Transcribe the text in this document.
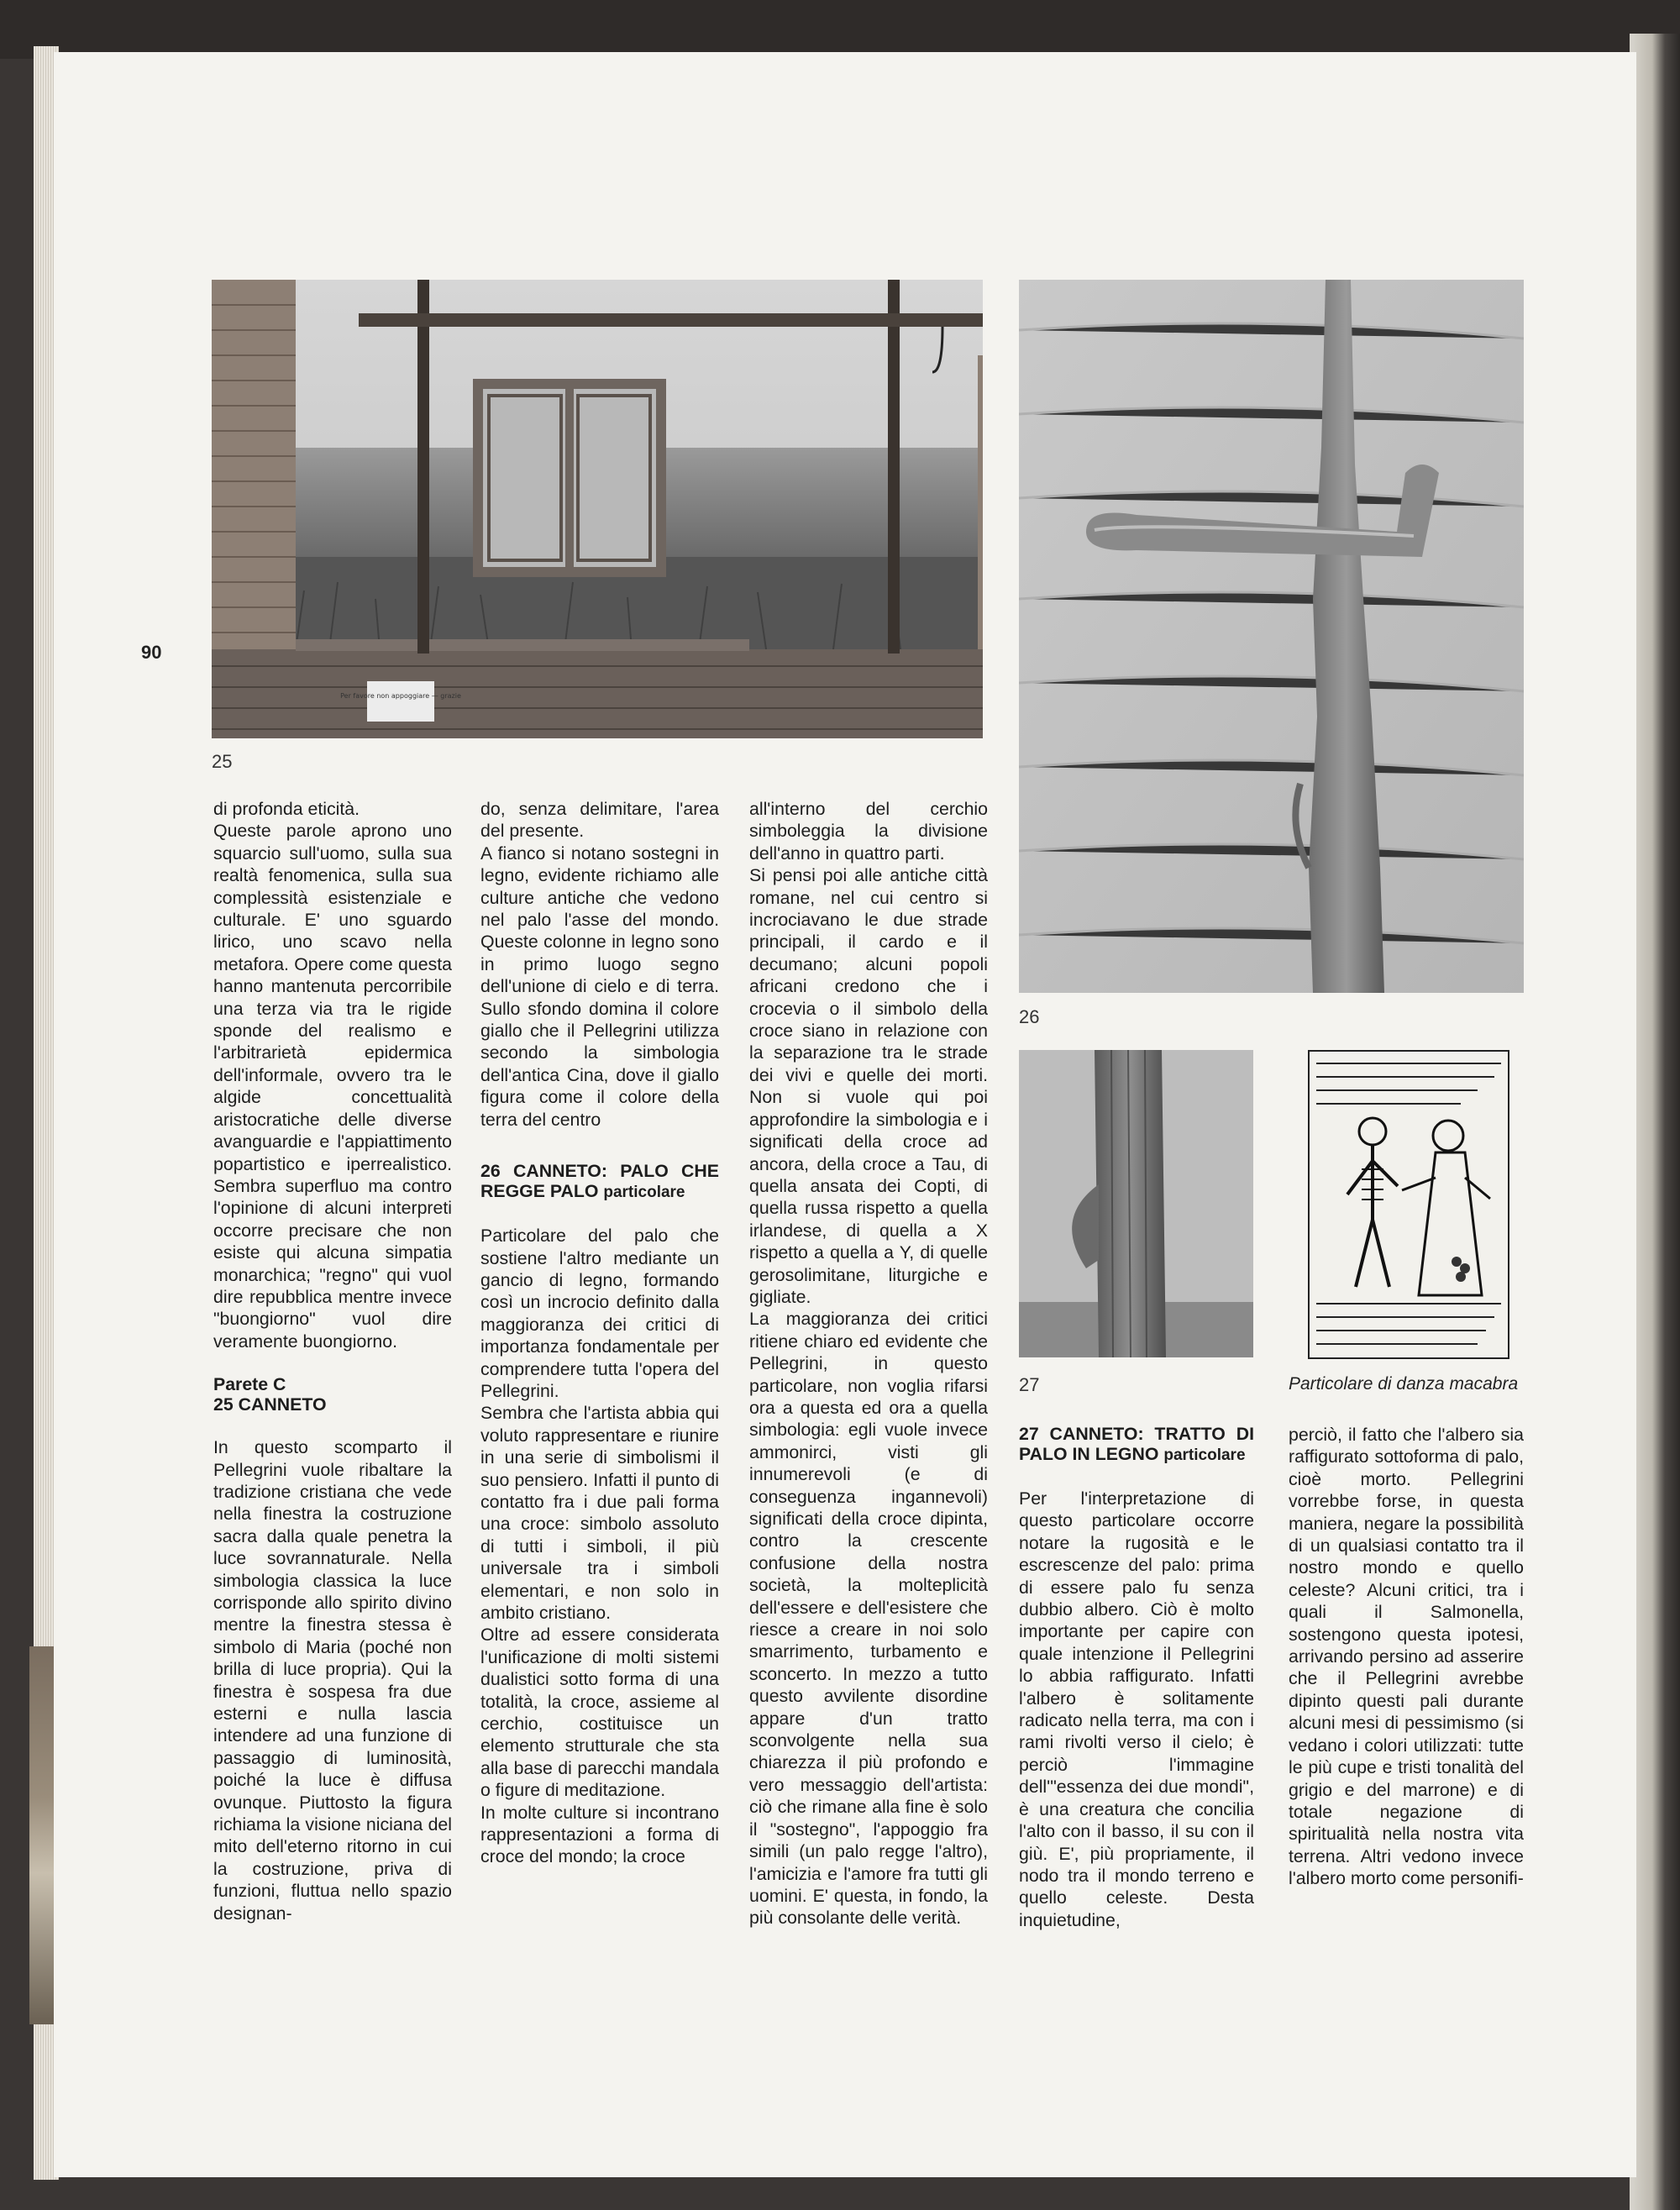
90
Per favore non appoggiare — grazie
25
26
27	Particolare di danza macabra

di profonda eticità.

Queste parole aprono uno squarcio sull'uomo, sulla sua realtà fenomenica, sulla sua complessità esistenziale e culturale. E' uno sguardo lirico, uno scavo nella metafora. Opere come questa hanno mantenuta percorribile una terza via tra le rigide sponde del realismo e l'arbitrarietà epidermica dell'informale, ovvero tra le algide concettualità aristocratiche delle diverse avanguardie e l'appiattimento popartistico e iperrealistico. Sembra superfluo ma contro l'opinione di alcuni interpreti occorre precisare che non esiste qui alcuna simpatia monarchica; "regno" qui vuol dire repubblica mentre invece "buongiorno" vuol dire veramente buongiorno.

Parete C

25 CANNETO

In questo scomparto il Pellegrini vuole ribaltare la tradizione cristiana che vede nella finestra la costruzione sacra dalla quale penetra la luce sovrannaturale. Nella simbologia classica la luce corrisponde allo spirito divino mentre la finestra stessa è simbolo di Maria (poché non brilla di luce propria). Qui la finestra è sospesa fra due esterni e nulla lascia intendere ad una funzione di passaggio di luminosità, poiché la luce è diffusa ovunque. Piuttosto la figura richiama la visione niciana del mito dell'eterno ritorno in cui la costruzione, priva di funzioni, fluttua nello spazio designan-

do, senza delimitare, l'area del presente.

A fianco si notano sostegni in legno, evidente richiamo alle culture antiche che vedono nel palo l'asse del mondo. Queste colonne in legno sono in primo luogo segno dell'unione di cielo e di terra. Sullo sfondo domina il colore giallo che il Pellegrini utilizza secondo la simbologia dell'antica Cina, dove il giallo figura come il colore della terra del centro

26 CANNETO: PALO CHE REGGE PALO particolare

Particolare del palo che sostiene l'altro mediante un gancio di legno, formando così un incrocio definito dalla maggioranza dei critici di importanza fondamentale per comprendere tutta l'opera del Pellegrini.

Sembra che l'artista abbia qui voluto rappresentare e riunire in una serie di simbolismi il suo pensiero. Infatti il punto di contatto fra i due pali forma una croce: simbolo assoluto di tutti i simboli, il più universale tra i simboli elementari, e non solo in ambito cristiano.

Oltre ad essere considerata l'unificazione di molti sistemi dualistici sotto forma di una totalità, la croce, assieme al cerchio, costituisce un elemento strutturale che sta alla base di parecchi mandala o figure di meditazione.

In molte culture si incontrano rappresentazioni a forma di croce del mondo; la croce

all'interno del cerchio simboleggia la divisione dell'anno in quattro parti.

Si pensi poi alle antiche città romane, nel cui centro si incrociavano le due strade principali, il cardo e il decumano; alcuni popoli africani credono che i crocevia o il simbolo della croce siano in relazione con la separazione tra le strade dei vivi e quelle dei morti. Non si vuole qui poi approfondire la simbologia e i significati della croce ad ancora, della croce a Tau, di quella ansata dei Copti, di quella russa rispetto a quella irlandese, di quella a X rispetto a quella a Y, di quelle gerosolimitane, liturgiche e gigliate.

La maggioranza dei critici ritiene chiaro ed evidente che Pellegrini, in questo particolare, non voglia rifarsi ora a questa ed ora a quella simbologia: egli vuole invece ammonirci, visti gli innumerevoli (e di conseguenza ingannevoli) significati della croce dipinta, contro la crescente confusione della nostra società, la molteplicità dell'essere e dell'esistere che riesce a creare in noi solo smarrimento, turbamento e sconcerto. In mezzo a tutto questo avvilente disordine appare d'un tratto sconvolgente nella sua chiarezza il più profondo e vero messaggio dell'artista: ciò che rimane alla fine è solo il "sostegno", l'appoggio fra simili (un palo regge l'altro), l'amicizia e l'amore fra tutti gli uomini. E' questa, in fondo, la più consolante delle verità.

27 CANNETO: TRATTO DI PALO IN LEGNO particolare

Per l'interpretazione di questo particolare occorre notare la rugosità e le escrescenze del palo: prima di essere palo fu senza dubbio albero. Ciò è molto importante per capire con quale intenzione il Pellegrini lo abbia raffigurato. Infatti l'albero è solitamente radicato nella terra, ma con i rami rivolti verso il cielo; è perciò l'immagine dell'"essenza dei due mondi", è una creatura che concilia l'alto con il basso, il su con il giù. E', più propriamente, il nodo tra il mondo terreno e quello celeste. Desta inquietudine,

perciò, il fatto che l'albero sia raffigurato sottoforma di palo, cioè morto. Pellegrini vorrebbe forse, in questa maniera, negare la possibilità di un qualsiasi contatto tra il nostro mondo e quello celeste? Alcuni critici, tra i quali il Salmonella, sostengono questa ipotesi, arrivando persino ad asserire che il Pellegrini avrebbe dipinto questi pali durante alcuni mesi di pessimismo (si vedano i colori utilizzati: tutte le più cupe e tristi tonalità del grigio e del marrone) e di totale negazione di spiritualità nella nostra vita terrena. Altri vedono invece l'albero morto come personifi-
